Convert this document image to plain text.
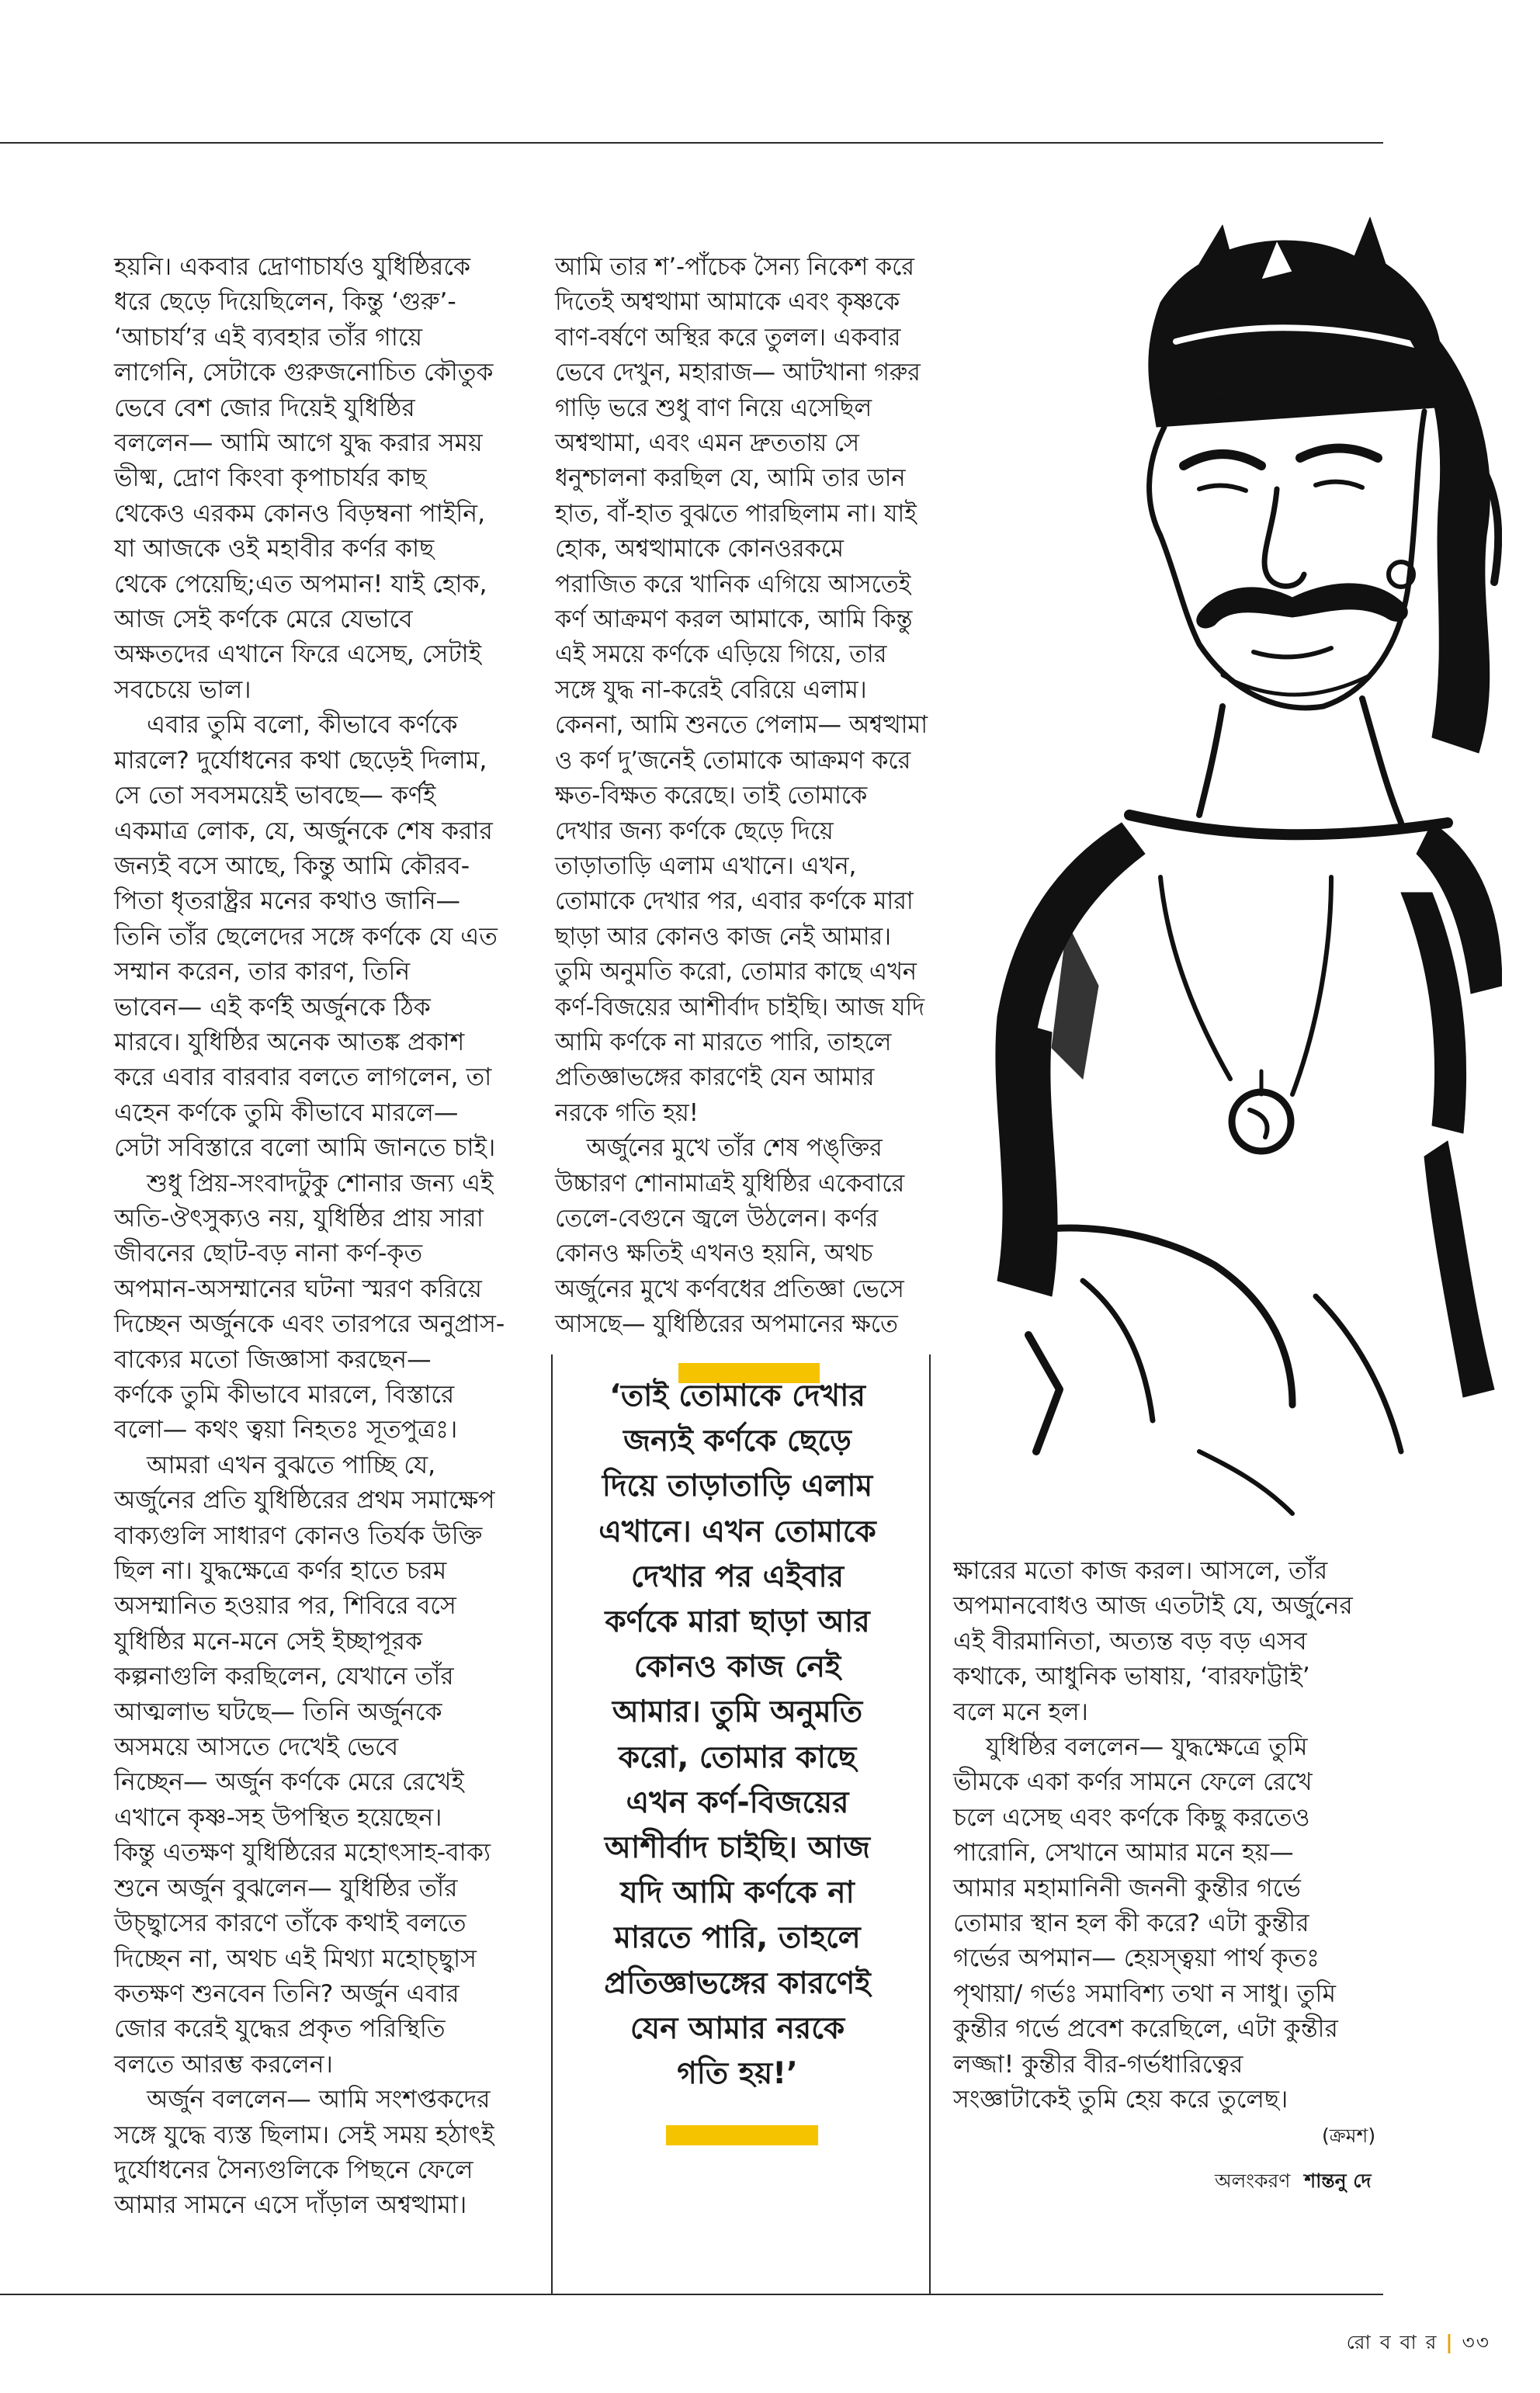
হয়নি। একবার দ্রোণাচার্যও যুধিষ্ঠিরকে

ধরে ছেড়ে দিয়েছিলেন, কিন্তু ‘গুরু’-

‘আচার্য’র এই ব্যবহার তাঁর গায়ে

লাগেনি, সেটাকে গুরুজনোচিত কৌতুক

ভেবে বেশ জোর দিয়েই যুধিষ্ঠির

বললেন— আমি আগে যুদ্ধ করার সময়

ভীষ্ম, দ্রোণ কিংবা কৃপাচার্যর কাছ

থেকেও এরকম কোনও বিড়ম্বনা পাইনি,

যা আজকে ওই মহাবীর কর্ণর কাছ

থেকে পেয়েছি;এত অপমান! যাই হোক,

আজ সেই কর্ণকে মেরে যেভাবে

অক্ষতদের এখানে ফিরে এসেছ, সেটাই

সবচেয়ে ভাল।

এবার তুমি বলো, কীভাবে কর্ণকে

মারলে? দুর্যোধনের কথা ছেড়েই দিলাম,

সে তো সবসময়েই ভাবছে— কর্ণই

একমাত্র লোক, যে, অর্জুনকে শেষ করার

জন্যই বসে আছে, কিন্তু আমি কৌরব-

পিতা ধৃতরাষ্ট্রর মনের কথাও জানি—

তিনি তাঁর ছেলেদের সঙ্গে কর্ণকে যে এত

সম্মান করেন, তার কারণ, তিনি

ভাবেন— এই কর্ণই অর্জুনকে ঠিক

মারবে। যুধিষ্ঠির অনেক আতঙ্ক প্রকাশ

করে এবার বারবার বলতে লাগলেন, তা

এহেন কর্ণকে তুমি কীভাবে মারলে—

সেটা সবিস্তারে বলো আমি জানতে চাই।

শুধু প্রিয়-সংবাদটুকু শোনার জন্য এই

অতি-ঔৎসুক্যও নয়, যুধিষ্ঠির প্রায় সারা

জীবনের ছোট-বড় নানা কর্ণ-কৃত

অপমান-অসম্মানের ঘটনা স্মরণ করিয়ে

দিচ্ছেন অর্জুনকে এবং তারপরে অনুপ্রাস-

বাক্যের মতো জিজ্ঞাসা করছেন—

কর্ণকে তুমি কীভাবে মারলে, বিস্তারে

বলো— কথং ত্বয়া নিহতঃ সূতপুত্রঃ।

আমরা এখন বুঝতে পাচ্ছি যে,

অর্জুনের প্রতি যুধিষ্ঠিরের প্রথম সমাক্ষেপ

বাক্যগুলি সাধারণ কোনও তির্যক উক্তি

ছিল না। যুদ্ধক্ষেত্রে কর্ণর হাতে চরম

অসম্মানিত হওয়ার পর, শিবিরে বসে

যুধিষ্ঠির মনে-মনে সেই ইচ্ছাপূরক

কল্পনাগুলি করছিলেন, যেখানে তাঁর

আত্মলাভ ঘটছে— তিনি অর্জুনকে

অসময়ে আসতে দেখেই ভেবে

নিচ্ছেন— অর্জুন কর্ণকে মেরে রেখেই

এখানে কৃষ্ণ-সহ উপস্থিত হয়েছেন।

কিন্তু এতক্ষণ যুধিষ্ঠিরের মহোৎসাহ-বাক্য

শুনে অর্জুন বুঝলেন— যুধিষ্ঠির তাঁর

উচ্ছ্বাসের কারণে তাঁকে কথাই বলতে

দিচ্ছেন না, অথচ এই মিথ্যা মহোচ্ছ্বাস

কতক্ষণ শুনবেন তিনি? অর্জুন এবার

জোর করেই যুদ্ধের প্রকৃত পরিস্থিতি

বলতে আরম্ভ করলেন।

অর্জুন বললেন— আমি সংশপ্তকদের

সঙ্গে যুদ্ধে ব্যস্ত ছিলাম। সেই সময় হঠাৎই

দুর্যোধনের সৈন্যগুলিকে পিছনে ফেলে

আমার সামনে এসে দাঁড়াল অশ্বত্থামা।

আমি তার শ’-পাঁচেক সৈন্য নিকেশ করে

দিতেই অশ্বত্থামা আমাকে এবং কৃষ্ণকে

বাণ-বর্ষণে অস্থির করে তুলল। একবার

ভেবে দেখুন, মহারাজ— আটখানা গরুর

গাড়ি ভরে শুধু বাণ নিয়ে এসেছিল

অশ্বত্থামা, এবং এমন দ্রুততায় সে

ধনুশ্চালনা করছিল যে, আমি তার ডান

হাত, বাঁ-হাত বুঝতে পারছিলাম না। যাই

হোক, অশ্বত্থামাকে কোনওরকমে

পরাজিত করে খানিক এগিয়ে আসতেই

কর্ণ আক্রমণ করল আমাকে, আমি কিন্তু

এই সময়ে কর্ণকে এড়িয়ে গিয়ে, তার

সঙ্গে যুদ্ধ না-করেই বেরিয়ে এলাম।

কেননা, আমি শুনতে পেলাম— অশ্বত্থামা

ও কর্ণ দু’জনেই তোমাকে আক্রমণ করে

ক্ষত-বিক্ষত করেছে। তাই তোমাকে

দেখার জন্য কর্ণকে ছেড়ে দিয়ে

তাড়াতাড়ি এলাম এখানে। এখন,

তোমাকে দেখার পর, এবার কর্ণকে মারা

ছাড়া আর কোনও কাজ নেই আমার।

তুমি অনুমতি করো, তোমার কাছে এখন

কর্ণ-বিজয়ের আশীর্বাদ চাইছি। আজ যদি

আমি কর্ণকে না মারতে পারি, তাহলে

প্রতিজ্ঞাভঙ্গের কারণেই যেন আমার

নরকে গতি হয়!

অর্জুনের মুখে তাঁর শেষ পঙ্‌ক্তির

উচ্চারণ শোনামাত্রই যুধিষ্ঠির একেবারে

তেলে-বেগুনে জ্বলে উঠলেন। কর্ণর

কোনও ক্ষতিই এখনও হয়নি, অথচ

অর্জুনের মুখে কর্ণবধের প্রতিজ্ঞা ভেসে

আসছে— যুধিষ্ঠিরের অপমানের ক্ষতে

ক্ষারের মতো কাজ করল। আসলে, তাঁর

অপমানবোধও আজ এতটাই যে, অর্জুনের

এই বীরমানিতা, অত্যন্ত বড় বড় এসব

কথাকে, আধুনিক ভাষায়, ‘বারফাট্টাই’

বলে মনে হল।

যুধিষ্ঠির বললেন— যুদ্ধক্ষেত্রে তুমি

ভীমকে একা কর্ণর সামনে ফেলে রেখে

চলে এসেছ এবং কর্ণকে কিছু করতেও

পারোনি, সেখানে আমার মনে হয়—

আমার মহামানিনী জননী কুন্তীর গর্ভে

তোমার স্থান হল কী করে? এটা কুন্তীর

গর্ভের অপমান— হেয়স্ত্বয়া পার্থ কৃতঃ

পৃথায়া/ গর্ভঃ সমাবিশ্য তথা ন সাধু। তুমি

কুন্তীর গর্ভে প্রবেশ করেছিলে, এটা কুন্তীর

লজ্জা! কুন্তীর বীর-গর্ভধারিত্বের

সংজ্ঞাটাকেই তুমি হেয় করে তুলেছ।

‘তাই তোমাকে দেখার

জন্যই কর্ণকে ছেড়ে

দিয়ে তাড়াতাড়ি এলাম

এখানে। এখন তোমাকে

দেখার পর এইবার

কর্ণকে মারা ছাড়া আর

কোনও কাজ নেই

আমার। তুমি অনুমতি

করো, তোমার কাছে

এখন কর্ণ-বিজয়ের

আশীর্বাদ চাইছি। আজ

যদি আমি কর্ণকে না

মারতে পারি, তাহলে

প্রতিজ্ঞাভঙ্গের কারণেই

যেন আমার নরকে

গতি হয়!’

(ক্রমশ)
অলংকরণ শান্তনু দে
রো ব বা র | ৩৩
